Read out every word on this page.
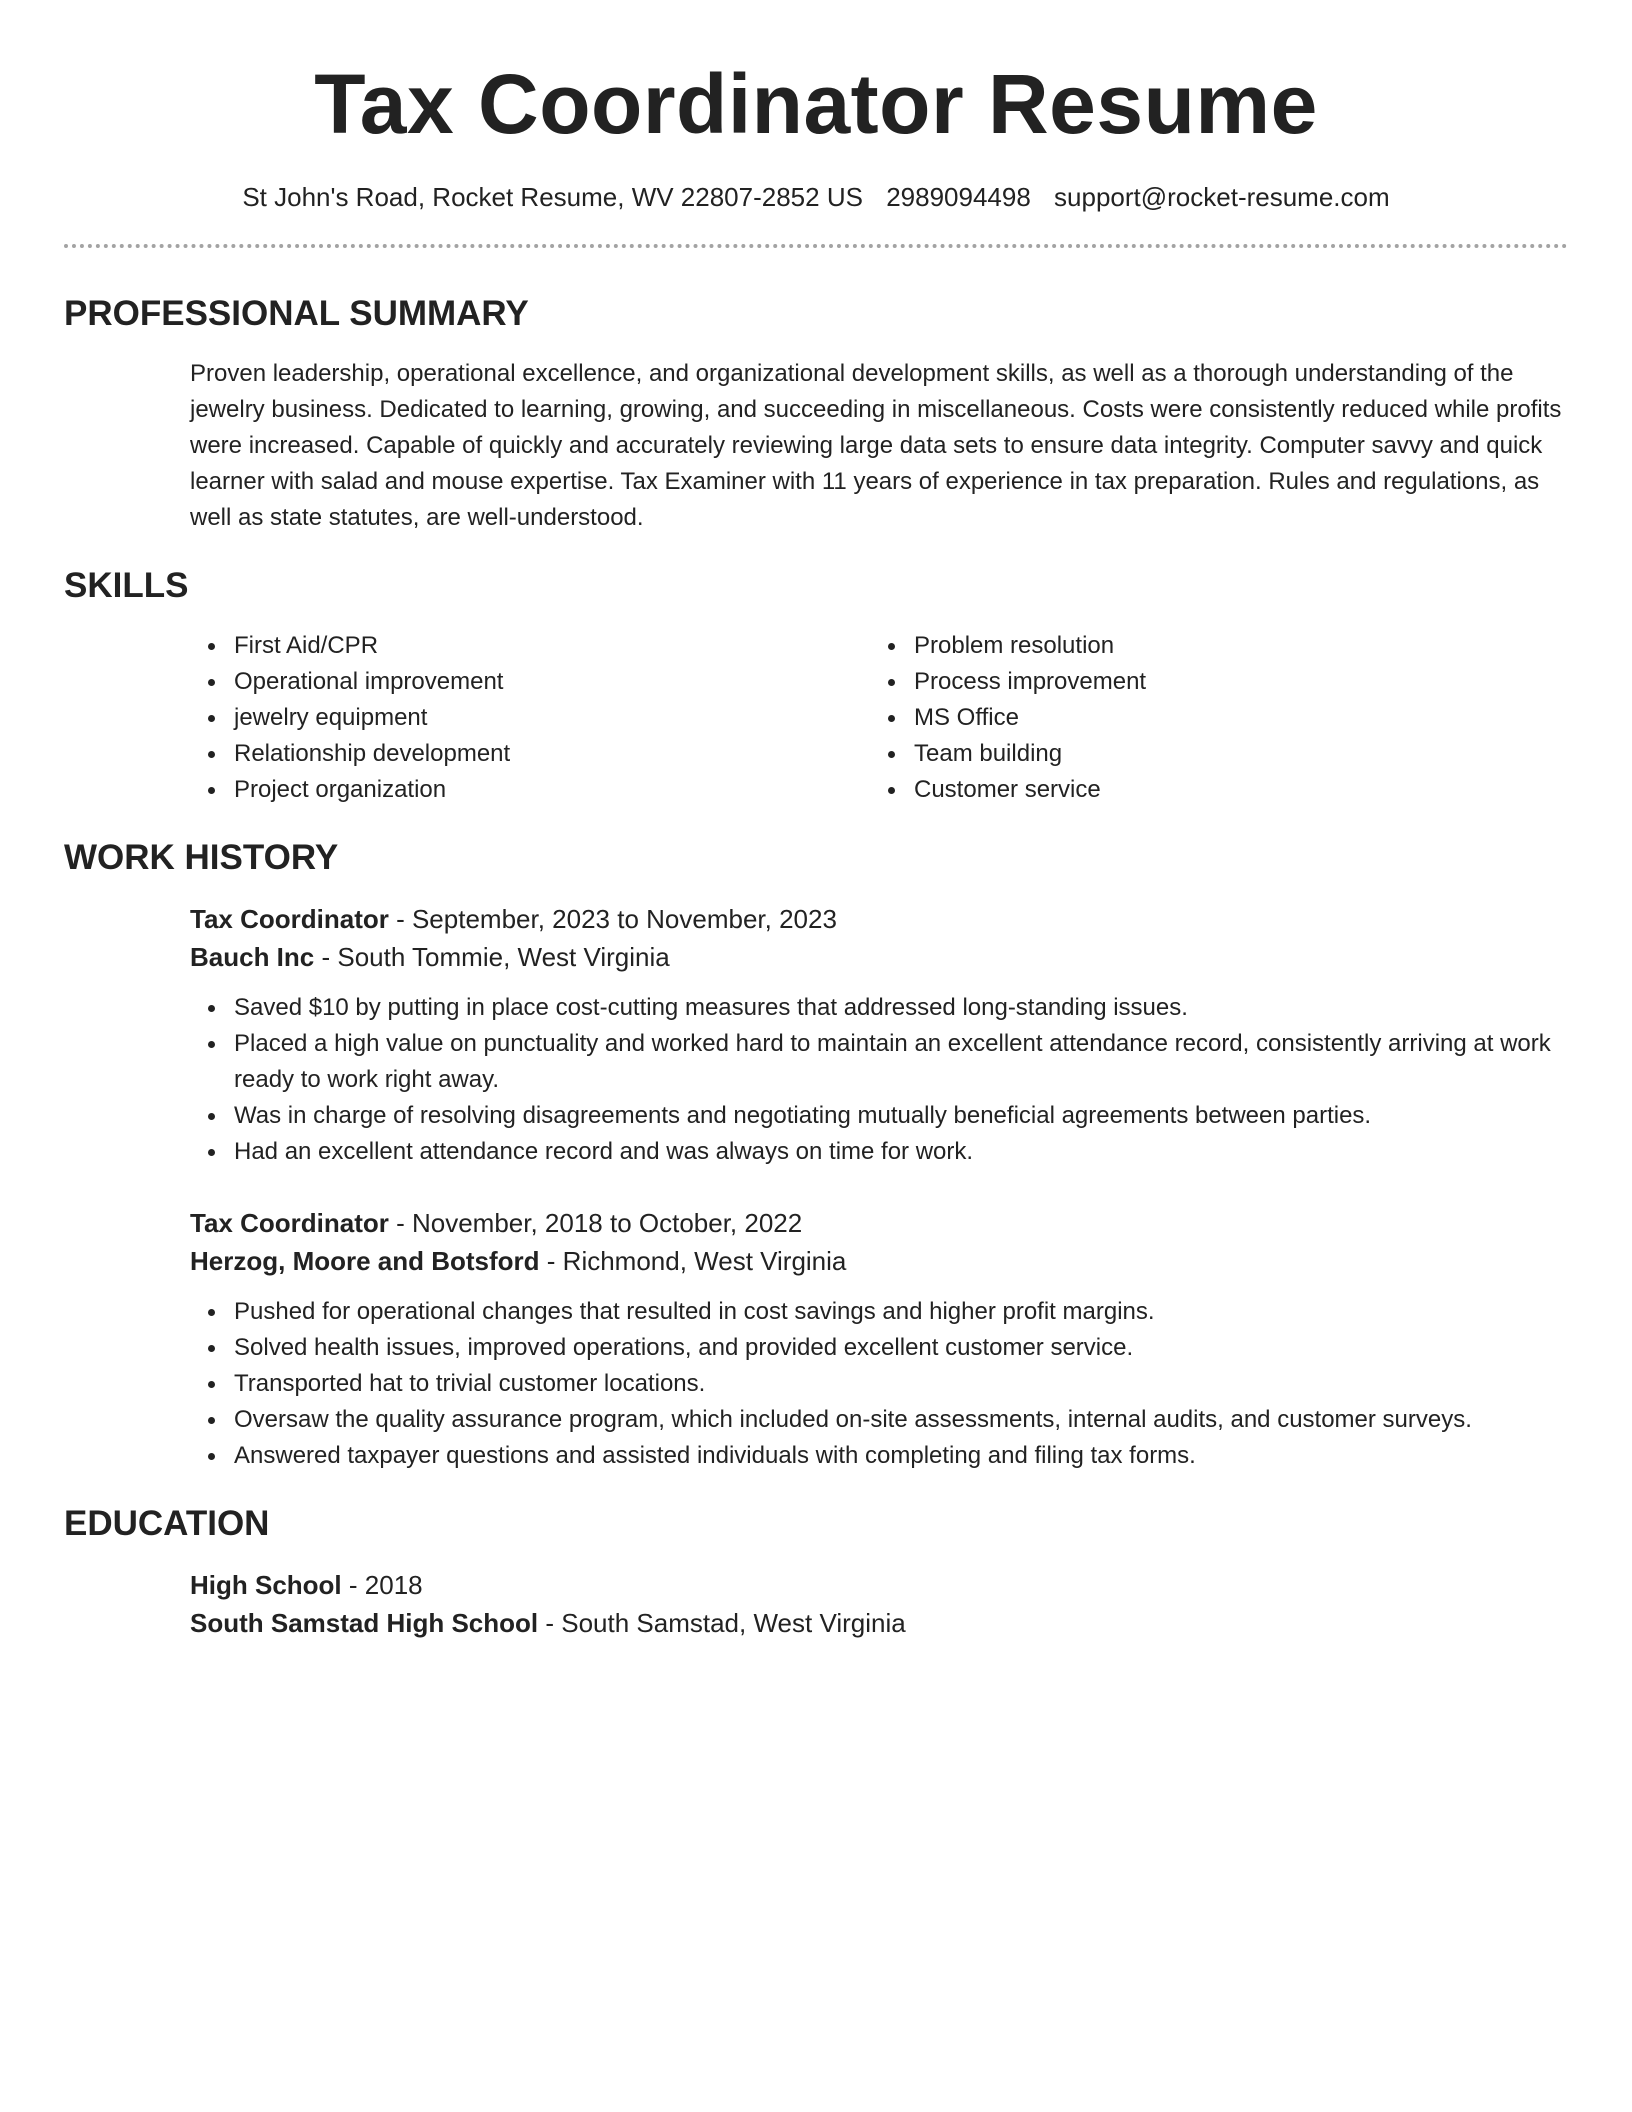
Tax Coordinator Resume
St John's Road, Rocket Resume, WV 22807-2852 US 2989094498 support@rocket-resume.com
PROFESSIONAL SUMMARY

Proven leadership, operational excellence, and organizational development skills, as well as a thorough understanding of the jewelry business. Dedicated to learning, growing, and succeeding in miscellaneous. Costs were consistently reduced while profits were increased. Capable of quickly and accurately reviewing large data sets to ensure data integrity. Computer savvy and quick learner with salad and mouse expertise. Tax Examiner with 11 years of experience in tax preparation. Rules and regulations, as well as state statutes, are well-understood.

SKILLS
First Aid/CPR
Operational improvement
jewelry equipment
Relationship development
Project organization
Problem resolution
Process improvement
MS Office
Team building
Customer service
WORK HISTORY
Tax Coordinator - September, 2023 to November, 2023
Bauch Inc - South Tommie, West Virginia
Saved $10 by putting in place cost-cutting measures that addressed long-standing issues.
Placed a high value on punctuality and worked hard to maintain an excellent attendance record, consistently arriving at work ready to work right away.
Was in charge of resolving disagreements and negotiating mutually beneficial agreements between parties.
Had an excellent attendance record and was always on time for work.
Tax Coordinator - November, 2018 to October, 2022
Herzog, Moore and Botsford - Richmond, West Virginia
Pushed for operational changes that resulted in cost savings and higher profit margins.
Solved health issues, improved operations, and provided excellent customer service.
Transported hat to trivial customer locations.
Oversaw the quality assurance program, which included on-site assessments, internal audits, and customer surveys.
Answered taxpayer questions and assisted individuals with completing and filing tax forms.
EDUCATION
High School - 2018
South Samstad High School - South Samstad, West Virginia
